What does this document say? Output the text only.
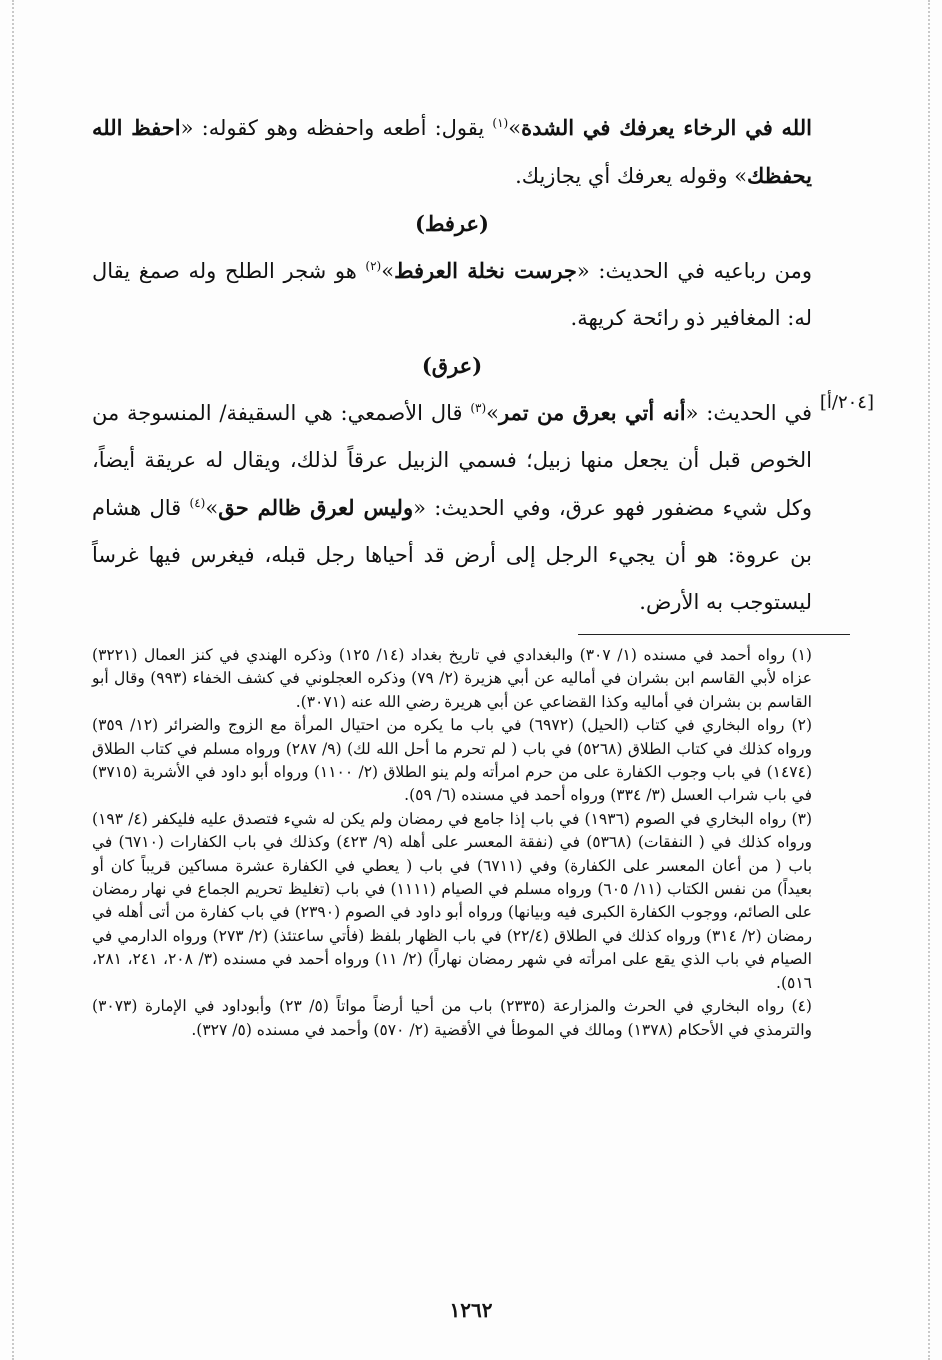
[٢٠٤/أ]

الله في الرخاء يعرفك في الشدة»$^{(١)}$ يقول: أطعه واحفظه وهو كقوله: «احفظ الله يحفظك» وقوله يعرفك أي يجازيك.

(عرفط)

ومن رباعيه في الحديث: «جرست نخلة العرفط»$^{(٢)}$ هو شجر الطلح وله صمغ يقال له: المغافير ذو رائحة كريهة.

(عرق)

في الحديث: «أنه أتي بعرق من تمر»$^{(٣)}$ قال الأصمعي: هي السقيفة/ المنسوجة من الخوص قبل أن يجعل منها زبيل؛ فسمي الزبيل عرقاً لذلك، ويقال له عريقة أيضاً، وكل شيء مضفور فهو عرق، وفي الحديث: «وليس لعرق ظالم حق»$^{(٤)}$ قال هشام بن عروة: هو أن يجيء الرجل إلى أرض قد أحياها رجل قبله، فيغرس فيها غرساً ليستوجب به الأرض.

(١) رواه أحمد في مسنده (١/ ٣٠٧) والبغدادي في تاريخ بغداد (١٤/ ١٢٥) وذكره الهندي في كنز العمال (٣٢٢١) عزاه لأبي القاسم ابن بشران في أماليه عن أبي هزيرة (٢/ ٧٩) وذكره العجلوني في كشف الخفاء (٩٩٣) وقال أبو القاسم بن بشران في أماليه وكذا القضاعي عن أبي هريرة رضي الله عنه (٣٠٧١).

(٢) رواه البخاري في كتاب (الحيل) (٦٩٧٢) في باب ما يكره من احتيال المرأة مع الزوج والضرائر (١٢/ ٣٥٩) ورواه كذلك في كتاب الطلاق (٥٢٦٨) في باب ( لم تحرم ما أحل الله لك) (٩/ ٢٨٧) ورواه مسلم في كتاب الطلاق (١٤٧٤) في باب وجوب الكفارة على من حرم امرأته ولم ينو الطلاق (٢/ ١١٠٠) ورواه أبو داود في الأشربة (٣٧١٥) في باب شراب العسل (٣/ ٣٣٤) ورواه أحمد في مسنده (٦/ ٥٩).

(٣) رواه البخاري في الصوم (١٩٣٦) في باب إذا جامع في رمضان ولم يكن له شيء فتصدق عليه فليكفر (٤/ ١٩٣) ورواه كذلك في ( النفقات) (٥٣٦٨) في (نفقة المعسر على أهله (٩/ ٤٢٣) وكذلك في باب الكفارات (٦٧١٠) في باب ( من أعان المعسر على الكفارة) وفي (٦٧١١) في باب ( يعطي في الكفارة عشرة مساكين قريباً كان أو بعيداً) من نفس الكتاب (١١/ ٦٠٥) ورواه مسلم في الصيام (١١١١) في باب (تغليظ تحريم الجماع في نهار رمضان على الصائم، ووجوب الكفارة الكبرى فيه وبيانها) ورواه أبو داود في الصوم (٢٣٩٠) في باب كفارة من أتى أهله في رمضان (٢/ ٣١٤) ورواه كذلك في الطلاق (٢٢/٤) في باب الظهار بلفظ (فأتي ساعتئذ) (٢/ ٢٧٣) ورواه الدارمي في الصيام في باب الذي يقع على امرأته في شهر رمضان نهاراً) (٢/ ١١) ورواه أحمد في مسنده (٣/ ٢٠٨، ٢٤١، ٢٨١، ٥١٦).

(٤) رواه البخاري في الحرث والمزارعة (٢٣٣٥) باب من أحيا أرضاً مواتاً (٥/ ٢٣) وأبوداود في الإمارة (٣٠٧٣) والترمذي في الأحكام (١٣٧٨) ومالك في الموطأ في الأقضية (٢/ ٥٧٠) وأحمد في مسنده (٥/ ٣٢٧).

١٢٦٢
